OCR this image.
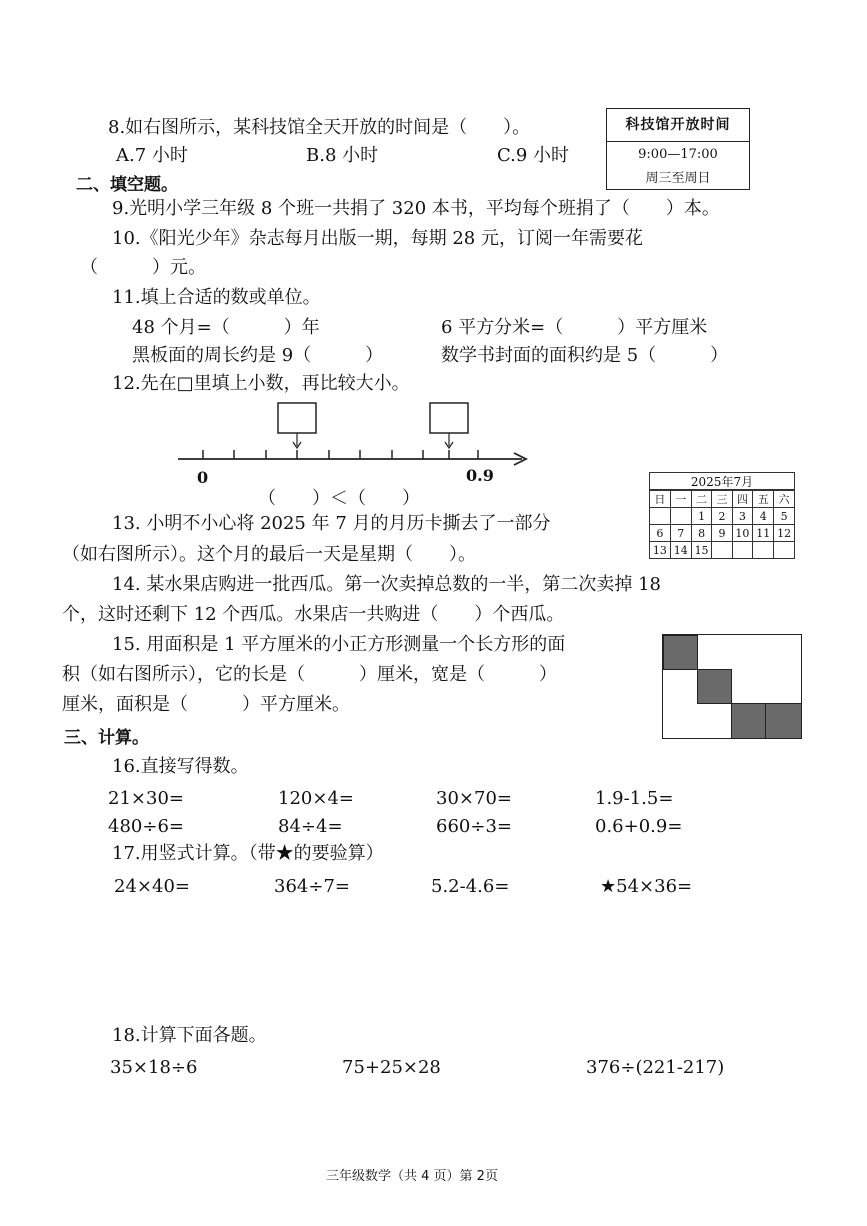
8.如右图所示，某科技馆全天开放的时间是（　　）。
A.7 小时	B.8 小时	C.9 小时
科技馆开放时间
9:00—17:00
周三至周日
二、填空题。
9.光明小学三年级 8 个班一共捐了 320 本书，平均每个班捐了（　　）本。
10.《阳光少年》杂志每月出版一期，每期 28 元，订阅一年需要花
（　　　）元。
11.填上合适的数或单位。
48 个月=（　　　）年	6 平方分米=（　　　）平方厘米
黑板面的周长约是 9（　　　）	数学书封面的面积约是 5（　　　）
12.先在□里填上小数，再比较大小。
0	0.9
（　　）＜（　　）
2025年7月
日	一	二	三	四	五	六
		1	2	3	4	5
6	7	8	9	10	11	12
13	14	15				
13. 小明不小心将 2025 年 7 月的月历卡撕去了一部分
（如右图所示）。这个月的最后一天是星期（　　）。
14. 某水果店购进一批西瓜。第一次卖掉总数的一半，第二次卖掉 18
个，这时还剩下 12 个西瓜。水果店一共购进（　　）个西瓜。
15. 用面积是 1 平方厘米的小正方形测量一个长方形的面
积（如右图所示），它的长是（　　　）厘米，宽是（　　　）
厘米，面积是（　　　）平方厘米。
三、计算。
16.直接写得数。
21×30=	120×4=	30×70=	1.9-1.5=
480÷6=	84÷4=	660÷3=	0.6+0.9=
17.用竖式计算。（带★的要验算）
24×40=	364÷7=	5.2-4.6=	★54×36=
18.计算下面各题。
35×18÷6	75+25×28	376÷(221-217)
三年级数学（共 4 页）第 2页
